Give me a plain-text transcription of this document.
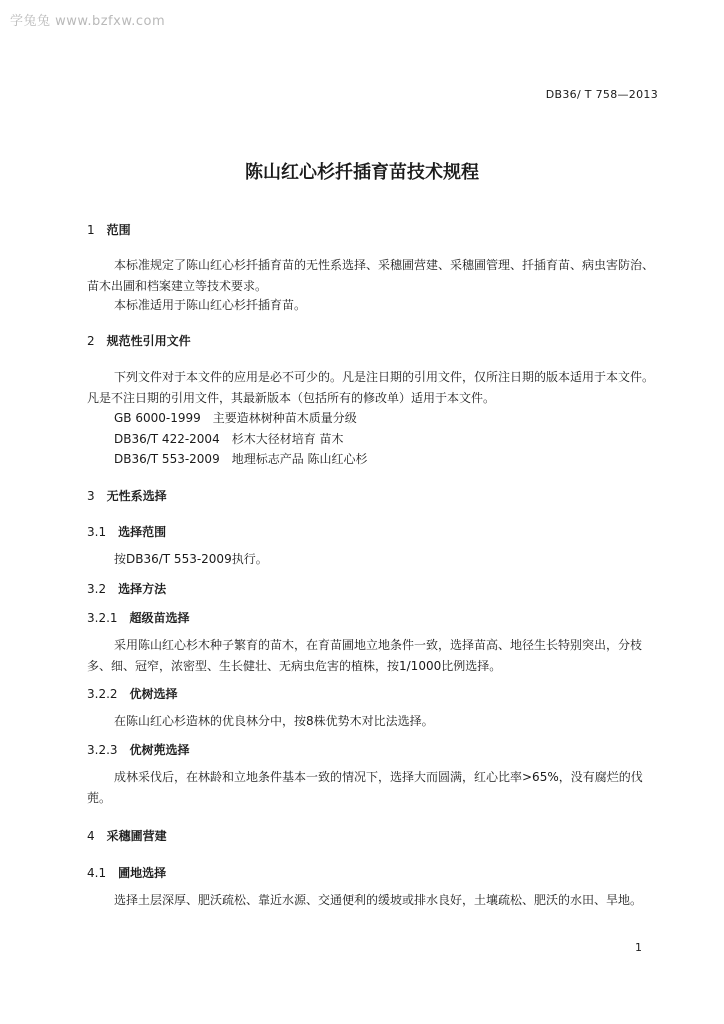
学兔兔 www.bzfxw.com
DB36/ T 758—2013
陈山红心杉扦插育苗技术规程
1 范围
本标准规定了陈山红心杉扦插育苗的无性系选择、采穗圃营建、采穗圃管理、扦插育苗、病虫害防治、苗木出圃和档案建立等技术要求。
本标准适用于陈山红心杉扦插育苗。
2 规范性引用文件
下列文件对于本文件的应用是必不可少的。凡是注日期的引用文件，仅所注日期的版本适用于本文件。凡是不注日期的引用文件，其最新版本（包括所有的修改单）适用于本文件。
GB 6000-1999　主要造林树种苗木质量分级
DB36/T 422-2004　杉木大径材培育 苗木
DB36/T 553-2009　地理标志产品 陈山红心杉
3 无性系选择
3.1 选择范围
按DB36/T 553-2009执行。
3.2 选择方法
3.2.1 超级苗选择
采用陈山红心杉木种子繁育的苗木，在育苗圃地立地条件一致，选择苗高、地径生长特别突出，分枝多、细、冠窄，浓密型、生长健壮、无病虫危害的植株，按1/1000比例选择。
3.2.2 优树选择
在陈山红心杉造林的优良林分中，按8株优势木对比法选择。
3.2.3 优树蔸选择
成林采伐后，在林龄和立地条件基本一致的情况下，选择大而圆满，红心比率>65%，没有腐烂的伐蔸。
4 采穗圃营建
4.1 圃地选择
选择土层深厚、肥沃疏松、靠近水源、交通便利的缓坡或排水良好，土壤疏松、肥沃的水田、旱地。
1
